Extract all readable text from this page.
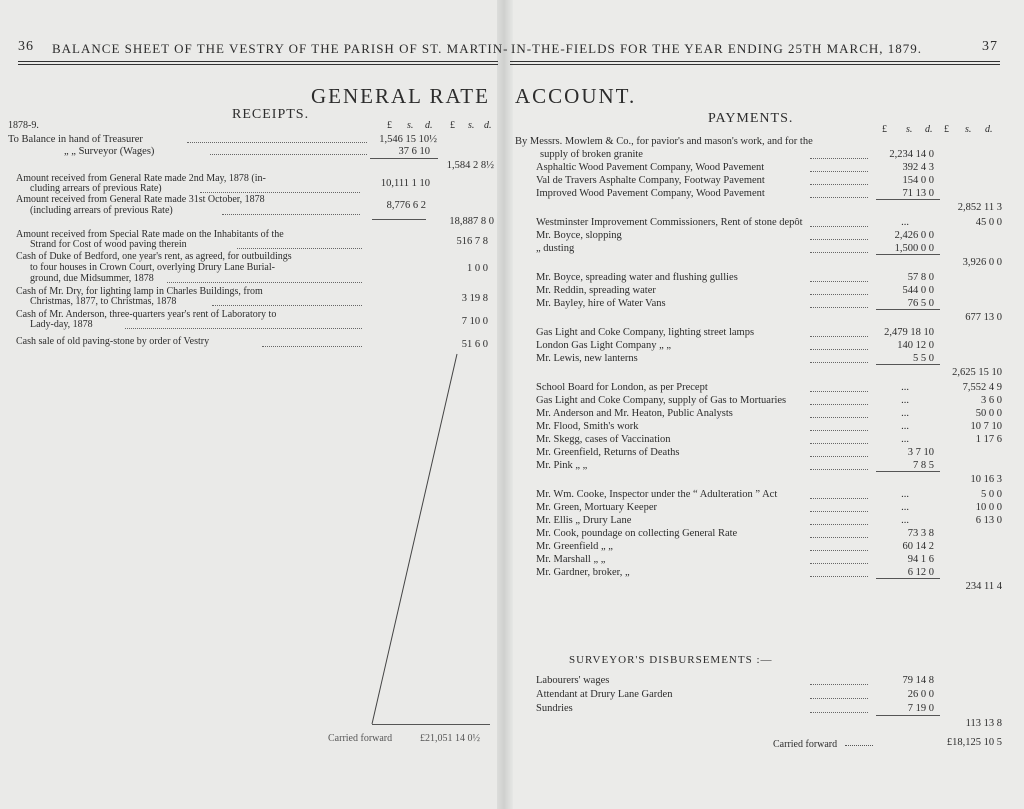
36 BALANCE SHEET OF THE VESTRY OF THE PARISH OF ST. MARTIN- IN-THE-FIELDS FOR THE YEAR ENDING 25TH MARCH, 1879.	37
GENERAL RATE ACCOUNT.
RECEIPTS.
1878-9.	£ s. d. £ s. d.
To Balance in hand of Treasurer	1,546 15 10½
„ „ Surveyor (Wages)	37 6 10
1,584 2 8½
Amount received from General Rate made 2nd May, 1878 (in-
cluding arrears of previous Rate)	10,111 1 10
Amount received from General Rate made 31st October, 1878
(including arrears of previous Rate)	8,776 6 2
18,887 8 0
Amount received from Special Rate made on the Inhabitants of the
Strand for Cost of wood paving therein	516 7 8
Cash of Duke of Bedford, one year's rent, as agreed, for outbuildings
to four houses in Crown Court, overlying Drury Lane Burial-
ground, due Midsummer, 1878
1 0 0
Cash of Mr. Dry, for lighting lamp in Charles Buildings, from
Christmas, 1877, to Christmas, 1878	3 19 8
Cash of Mr. Anderson, three-quarters year's rent of Laboratory to
Lady-day, 1878	7 10 0
Cash sale of old paving-stone by order of Vestry	51 6 0
Carried forward	£21,051 14 0½
PAYMENTS.
£ s. d. £ s. d.
By Messrs. Mowlem & Co., for pavior's and mason's work, and for the
supply of broken granite	2,234 14 0
Asphaltic Wood Pavement Company, Wood Pavement	392 4 3
Val de Travers Asphalte Company, Footway Pavement	154 0 0
Improved Wood Pavement Company, Wood Pavement	71 13 0
2,852 11 3
Westminster Improvement Commissioners, Rent of stone depôt	...	45 0 0
Mr. Boyce, slopping	2,426 0 0
„ dusting	1,500 0 0
3,926 0 0
Mr. Boyce, spreading water and flushing gullies	57 8 0
Mr. Reddin, spreading water	544 0 0
Mr. Bayley, hire of Water Vans	76 5 0
677 13 0
Gas Light and Coke Company, lighting street lamps	2,479 18 10
London Gas Light Company „ „	140 12 0
Mr. Lewis, new lanterns	5 5 0
2,625 15 10
School Board for London, as per Precept	...	7,552 4 9
Gas Light and Coke Company, supply of Gas to Mortuaries	...	3 6 0
Mr. Anderson and Mr. Heaton, Public Analysts	...	50 0 0
Mr. Flood, Smith's work	...	10 7 10
Mr. Skegg, cases of Vaccination	...	1 17 6
Mr. Greenfield, Returns of Deaths	3 7 10
Mr. Pink „ „	7 8 5
10 16 3
Mr. Wm. Cooke, Inspector under the “ Adulteration ” Act	...	5 0 0
Mr. Green, Mortuary Keeper	...	10 0 0
Mr. Ellis „ Drury Lane	...	6 13 0
Mr. Cook, poundage on collecting General Rate	73 3 8
Mr. Greenfield „ „	60 14 2
Mr. Marshall „ „	94 1 6
Mr. Gardner, broker, „	6 12 0
234 11 4
SURVEYOR'S DISBURSEMENTS :—
Labourers' wages	79 14 8
Attendant at Drury Lane Garden	26 0 0
Sundries	7 19 0
113 13 8
Carried forward	£18,125 10 5
